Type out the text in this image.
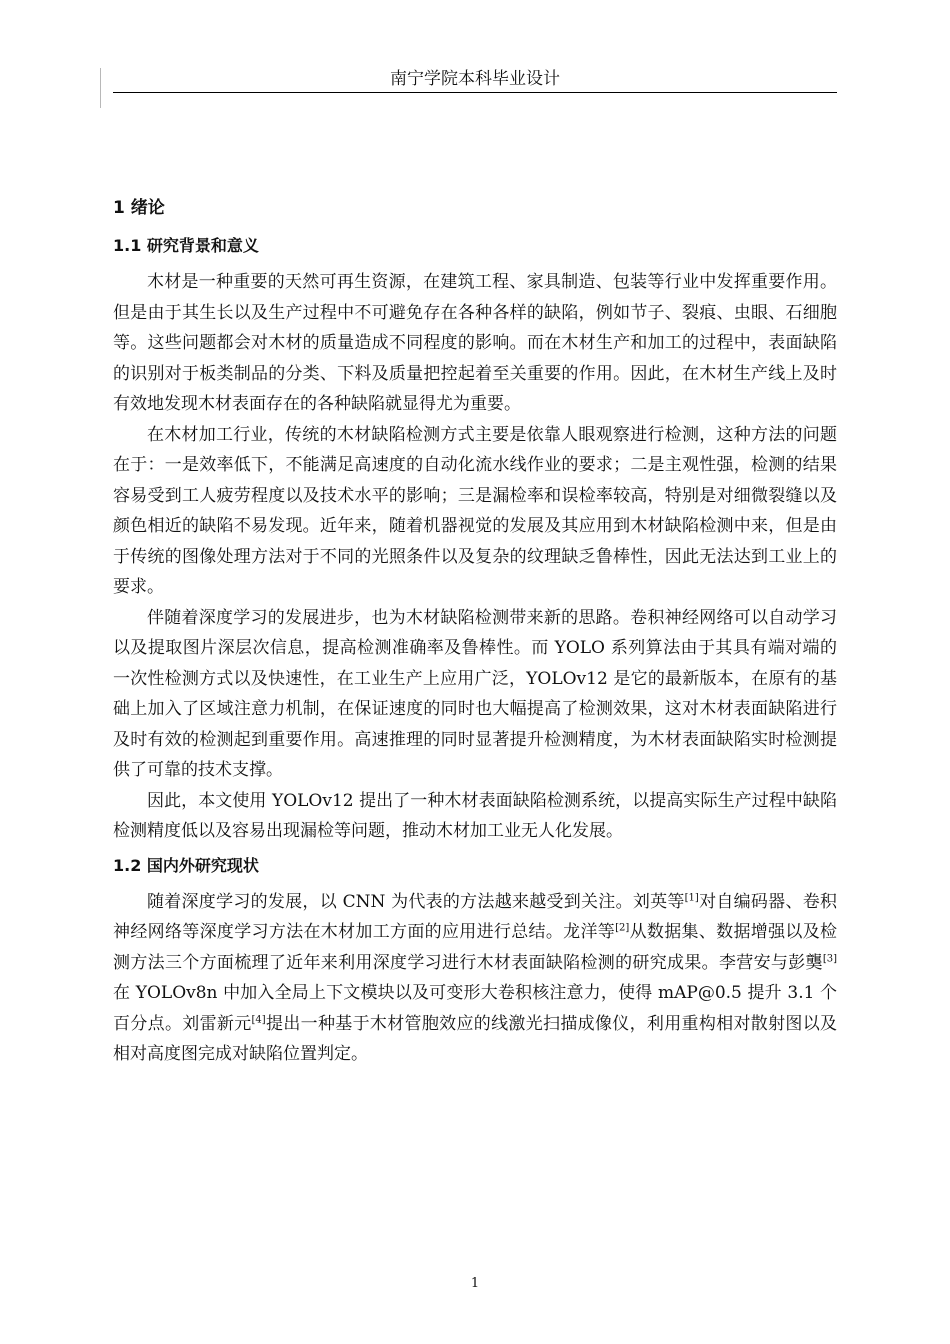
南宁学院本科毕业设计
1 绪论
1.1 研究背景和意义

木材是一种重要的天然可再生资源，在建筑工程、家具制造、包装等行业中发挥重要作用。但是由于其生长以及生产过程中不可避免存在各种各样的缺陷，例如节子、裂痕、虫眼、石细胞等。这些问题都会对木材的质量造成不同程度的影响。而在木材生产和加工的过程中，表面缺陷的识别对于板类制品的分类、下料及质量把控起着至关重要的作用。因此，在木材生产线上及时有效地发现木材表面存在的各种缺陷就显得尤为重要。

在木材加工行业，传统的木材缺陷检测方式主要是依靠人眼观察进行检测，这种方法的问题在于：一是效率低下，不能满足高速度的自动化流水线作业的要求；二是主观性强，检测的结果容易受到工人疲劳程度以及技术水平的影响；三是漏检率和误检率较高，特别是对细微裂缝以及颜色相近的缺陷不易发现。近年来，随着机器视觉的发展及其应用到木材缺陷检测中来，但是由于传统的图像处理方法对于不同的光照条件以及复杂的纹理缺乏鲁棒性，因此无法达到工业上的要求。

伴随着深度学习的发展进步，也为木材缺陷检测带来新的思路。卷积神经网络可以自动学习以及提取图片深层次信息，提高检测准确率及鲁棒性。而 YOLO 系列算法由于其具有端对端的一次性检测方式以及快速性，在工业生产上应用广泛，YOLOv12 是它的最新版本，在原有的基础上加入了区域注意力机制，在保证速度的同时也大幅提高了检测效果，这对木材表面缺陷进行及时有效的检测起到重要作用。高速推理的同时显著提升检测精度，为木材表面缺陷实时检测提供了可靠的技术支撑。

因此，本文使用 YOLOv12 提出了一种木材表面缺陷检测系统，以提高实际生产过程中缺陷检测精度低以及容易出现漏检等问题，推动木材加工业无人化发展。

1.2 国内外研究现状

随着深度学习的发展，以 CNN 为代表的方法越来越受到关注。刘英等[1]对自编码器、卷积神经网络等深度学习方法在木材加工方面的应用进行总结。龙洋等[2]从数据集、数据增强以及检测方法三个方面梳理了近年来利用深度学习进行木材表面缺陷检测的研究成果。李营安与彭龑[3]在 YOLOv8n 中加入全局上下文模块以及可变形大卷积核注意力，使得 mAP@0.5 提升 3.1 个百分点。刘雷新元[4]提出一种基于木材管胞效应的线激光扫描成像仪，利用重构相对散射图以及相对高度图完成对缺陷位置判定。

1
